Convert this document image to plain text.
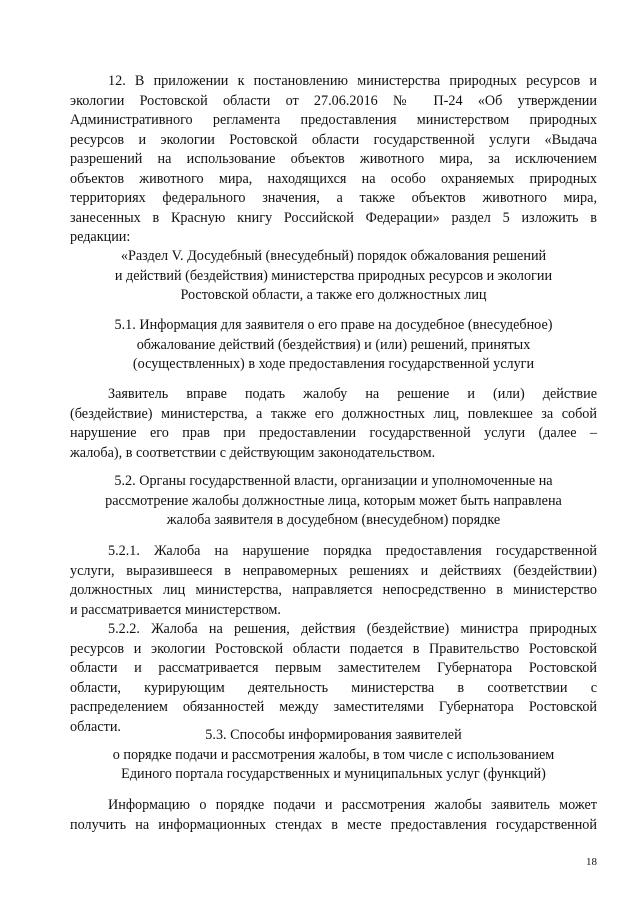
12. В приложении к постановлению министерства природных ресурсов и
экологии Ростовской области от 27.06.2016 № П-24 «Об утверждении
Административного регламента предоставления министерством природных
ресурсов и экологии Ростовской области государственной услуги «Выдача
разрешений на использование объектов животного мира, за исключением
объектов животного мира, находящихся на особо охраняемых природных
территориях федерального значения, а также объектов животного мира,
занесенных в Красную книгу Российской Федерации» раздел 5 изложить в
редакции:
«Раздел V. Досудебный (внесудебный) порядок обжалования решений
и действий (бездействия) министерства природных ресурсов и экологии
Ростовской области, а также его должностных лиц
5.1. Информация для заявителя о его праве на досудебное (внесудебное)
обжалование действий (бездействия) и (или) решений, принятых
(осуществленных) в ходе предоставления государственной услуги
Заявитель вправе подать жалобу на решение и (или) действие
(бездействие) министерства, а также его должностных лиц, повлекшее за собой
нарушение его прав при предоставлении государственной услуги (далее –
жалоба), в соответствии с действующим законодательством.
5.2. Органы государственной власти, организации и уполномоченные на
рассмотрение жалобы должностные лица, которым может быть направлена
жалоба заявителя в досудебном (внесудебном) порядке
5.2.1. Жалоба на нарушение порядка предоставления государственной
услуги, выразившееся в неправомерных решениях и действиях (бездействии)
должностных лиц министерства, направляется непосредственно в министерство
и рассматривается министерством.
5.2.2. Жалоба на решения, действия (бездействие) министра природных
ресурсов и экологии Ростовской области подается в Правительство Ростовской
области и рассматривается первым заместителем Губернатора Ростовской
области, курирующим деятельность министерства в соответствии с
распределением обязанностей между заместителями Губернатора Ростовской
области.
5.3. Способы информирования заявителей
о порядке подачи и рассмотрения жалобы, в том числе с использованием
Единого портала государственных и муниципальных услуг (функций)
Информацию о порядке подачи и рассмотрения жалобы заявитель может
получить на информационных стендах в месте предоставления государственной
18
